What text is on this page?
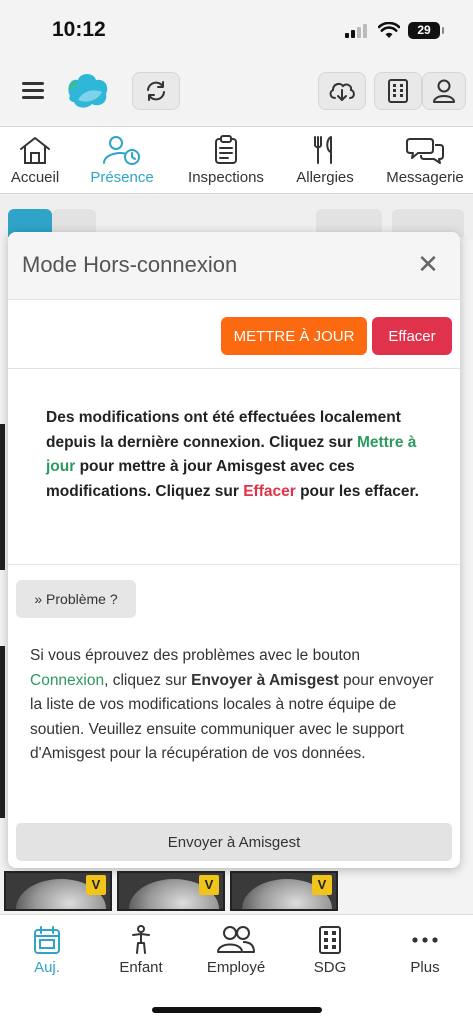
10:12	29
Accueil	Présence	Inspections	Allergies	Messagerie
Mode Hors-connexion	✕
METTRE À JOUR	Effacer

Des modifications ont été effectuées localement depuis la dernière connexion. Cliquez sur Mettre à jour pour mettre à jour Amisgest avec ces modifications. Cliquez sur Effacer pour les effacer.

» Problème ?

Si vous éprouvez des problèmes avec le bouton Connexion, cliquez sur Envoyer à Amisgest pour envoyer la liste de vos modifications locales à notre équipe de soutien. Veuillez ensuite communiquer avec le support d'Amisgest pour la récupération de vos données.

Envoyer à Amisgest
V	V	V
Auj.	Enfant	Employé	SDG	Plus
